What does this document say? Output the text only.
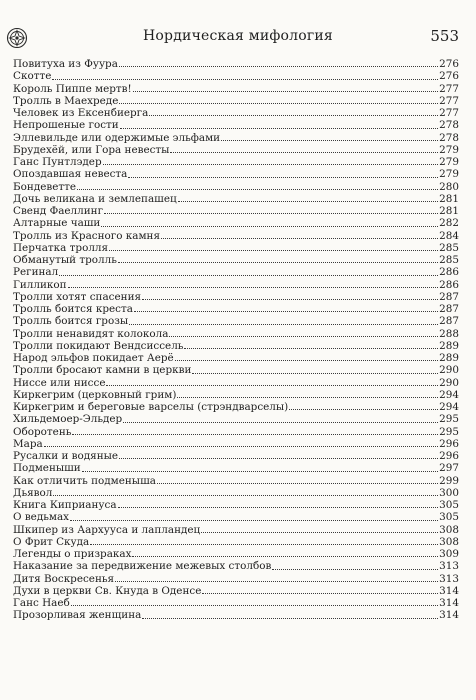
Нордическая мифология	553
Повитуха из Фуура	276
Скотте	276
Король Пиппе мертв!	277
Тролль в Маехреде	277
Человек из Ексенбиерга	277
Непрошеные гости	278
Эллевильде или одержимые эльфами	278
Брудехёй, или Гора невесты	279
Ганс Пунтлэдер	279
Опоздавшая невеста	279
Бондеветте	280
Дочь великана и землепашец	281
Свенд Фаеллинг	281
Алтарные чаши	282
Тролль из Красного камня	284
Перчатка тролля	285
Обманутый тролль	285
Регинал	286
Гилликоп	286
Тролли хотят спасения	287
Тролль боится креста	287
Тролль боится грозы	287
Тролли ненавидят колокола	288
Тролли покидают Вендсиссель	289
Народ эльфов покидает Аерё	289
Тролли бросают камни в церкви	290
Ниссе или ниссе	290
Киркегрим (церковный грим)	294
Киркегрим и береговые варселы (стрэндварселы)	294
Хильдемоер-Эльдер	295
Оборотень	295
Мара	296
Русалки и водяные	296
Подменыши	297
Как отличить подменыша	299
Дьявол	300
Книга Киприануса	305
О ведьмах	305
Шкипер из Аархууса и лапландец	308
О Фрит Скуда	308
Легенды о призраках	309
Наказание за передвижение межевых столбов	313
Дитя Воскресенья	313
Духи в церкви Св. Кнуда в Оденсе	314
Ганс Наеб	314
Прозорливая женщина	314
